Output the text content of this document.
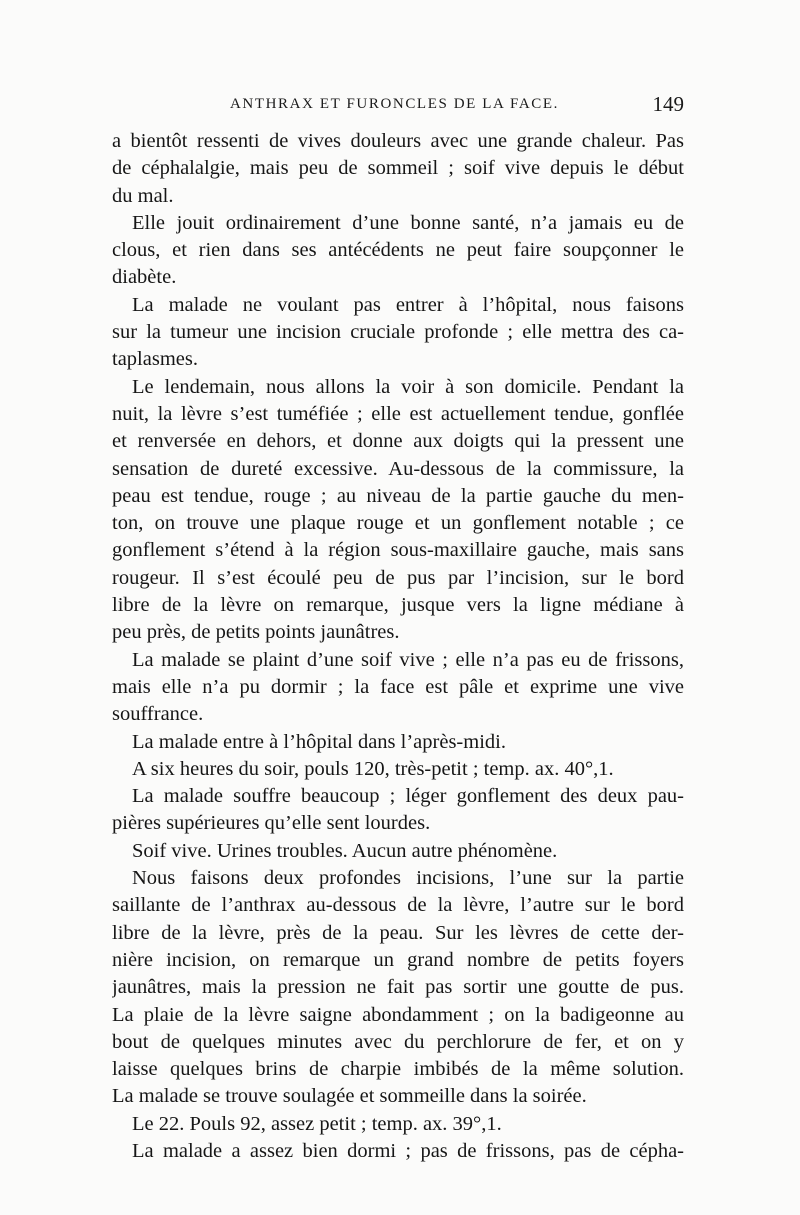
ANTHRAX ET FURONCLES DE LA FACE.	149
a bientôt ressenti de vives douleurs avec une grande chaleur. Pas
de céphalalgie, mais peu de sommeil ; soif vive depuis le début
du mal.
Elle jouit ordinairement d’une bonne santé, n’a jamais eu de
clous, et rien dans ses antécédents ne peut faire soupçonner le
diabète.
La malade ne voulant pas entrer à l’hôpital, nous faisons
sur la tumeur une incision cruciale profonde ; elle mettra des ca-
taplasmes.
Le lendemain, nous allons la voir à son domicile. Pendant la
nuit, la lèvre s’est tuméfiée ; elle est actuellement tendue, gonflée
et renversée en dehors, et donne aux doigts qui la pressent une
sensation de dureté excessive. Au-dessous de la commissure, la
peau est tendue, rouge ; au niveau de la partie gauche du men-
ton, on trouve une plaque rouge et un gonflement notable ; ce
gonflement s’étend à la région sous-maxillaire gauche, mais sans
rougeur. Il s’est écoulé peu de pus par l’incision, sur le bord
libre de la lèvre on remarque, jusque vers la ligne médiane à
peu près, de petits points jaunâtres.
La malade se plaint d’une soif vive ; elle n’a pas eu de frissons,
mais elle n’a pu dormir ; la face est pâle et exprime une vive
souffrance.
La malade entre à l’hôpital dans l’après-midi.
A six heures du soir, pouls 120, très-petit ; temp. ax. 40°,1.
La malade souffre beaucoup ; léger gonflement des deux pau-
pières supérieures qu’elle sent lourdes.
Soif vive. Urines troubles. Aucun autre phénomène.
Nous faisons deux profondes incisions, l’une sur la partie
saillante de l’anthrax au-dessous de la lèvre, l’autre sur le bord
libre de la lèvre, près de la peau. Sur les lèvres de cette der-
nière incision, on remarque un grand nombre de petits foyers
jaunâtres, mais la pression ne fait pas sortir une goutte de pus.
La plaie de la lèvre saigne abondamment ; on la badigeonne au
bout de quelques minutes avec du perchlorure de fer, et on y
laisse quelques brins de charpie imbibés de la même solution.
La malade se trouve soulagée et sommeille dans la soirée.
Le 22. Pouls 92, assez petit ; temp. ax. 39°,1.
La malade a assez bien dormi ; pas de frissons, pas de cépha-
